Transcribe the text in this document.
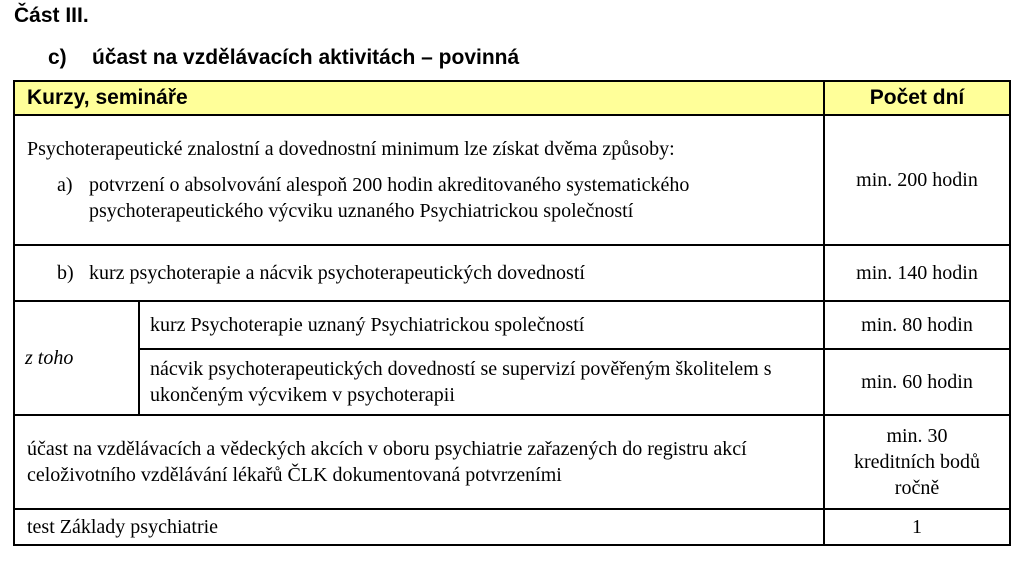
Část III.
c) účast na vzdělávacích aktivitách – povinná
Kurzy, semináře		Počet dní

Psychoterapeutické znalostní a dovednostní minimum lze získat dvěma způsoby:
a) potvrzení o absolvování alespoň 200 hodin akreditovaného systematického psychoterapeutického výcviku uznaného Psychiatrickou společností		min. 200 hodin

b) kurz psychoterapie a nácvik psychoterapeutických dovedností		min. 140 hodin
z toho	kurz Psychoterapie uznaný Psychiatrickou společností	min. 80 hodin
	nácvik psychoterapeutických dovedností se supervizí pověřeným školitelem s ukončeným výcvikem v psychoterapii	min. 60 hodin
účast na vzdělávacích a vědeckých akcích v oboru psychiatrie zařazených do registru akcí celoživotního vzdělávání lékařů ČLK dokumentovaná potvrzeními		min. 30
kreditních bodů
ročně

test Základy psychiatrie		1
